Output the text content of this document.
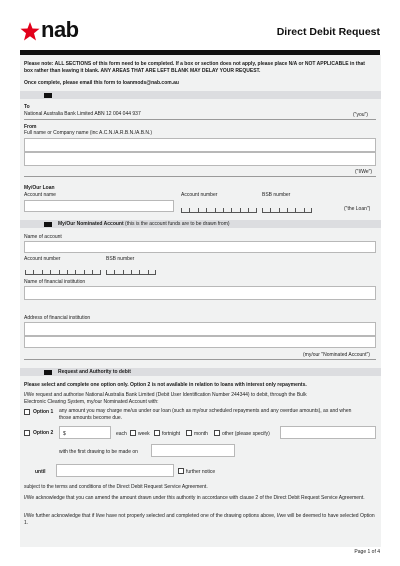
nab	Direct Debit Request
Please note: ALL SECTIONS of this form need to be completed. If a box or section does not apply, please place N/A or NOT APPLICABLE in that box rather than leaving it blank. ANY AREAS THAT ARE LEFT BLANK MAY DELAY YOUR REQUEST.
Once complete, please email this form to loanmods@nab.com.au
To
National Australia Bank Limited ABN 12 004 044 937	("you")
From
Full name or Company name (inc A.C.N./A.R.B.N./A.B.N.)
("I/We")
My/Our Loan
Account name	Account number	BSB number
("the Loan")
My/Our Nominated Account (this is the account funds are to be drawn from)
Name of account
Account number	BSB number
Name of financial institution
Address of financial institution
(my/our "Nominated Account")
Request and Authority to debit
Please select and complete one option only. Option 2 is not available in relation to loans with interest only repayments.
I/We request and authorise National Australia Bank Limited (Debit User Identification Number 244344) to debit, through the Bulk Electronic Clearing System, my/our Nominated Account with:
Option 1 any amount you may charge me/us under our loan (such as my/our scheduled repayments and any overdue amounts), as and when those amounts become due.
Option 2 $	each week fortnight	month	other (please specify)
with the first drawing to be made on
until	further notice
subject to the terms and conditions of the Direct Debit Request Service Agreement.
I/We acknowledge that you can amend the amount drawn under this authority in accordance with clause 2 of the Direct Debit Request Service Agreement.
I/We further acknowledge that if I/we have not properly selected and completed one of the drawing options above, I/we will be deemed to have selected Option 1.
Page 1 of 4
